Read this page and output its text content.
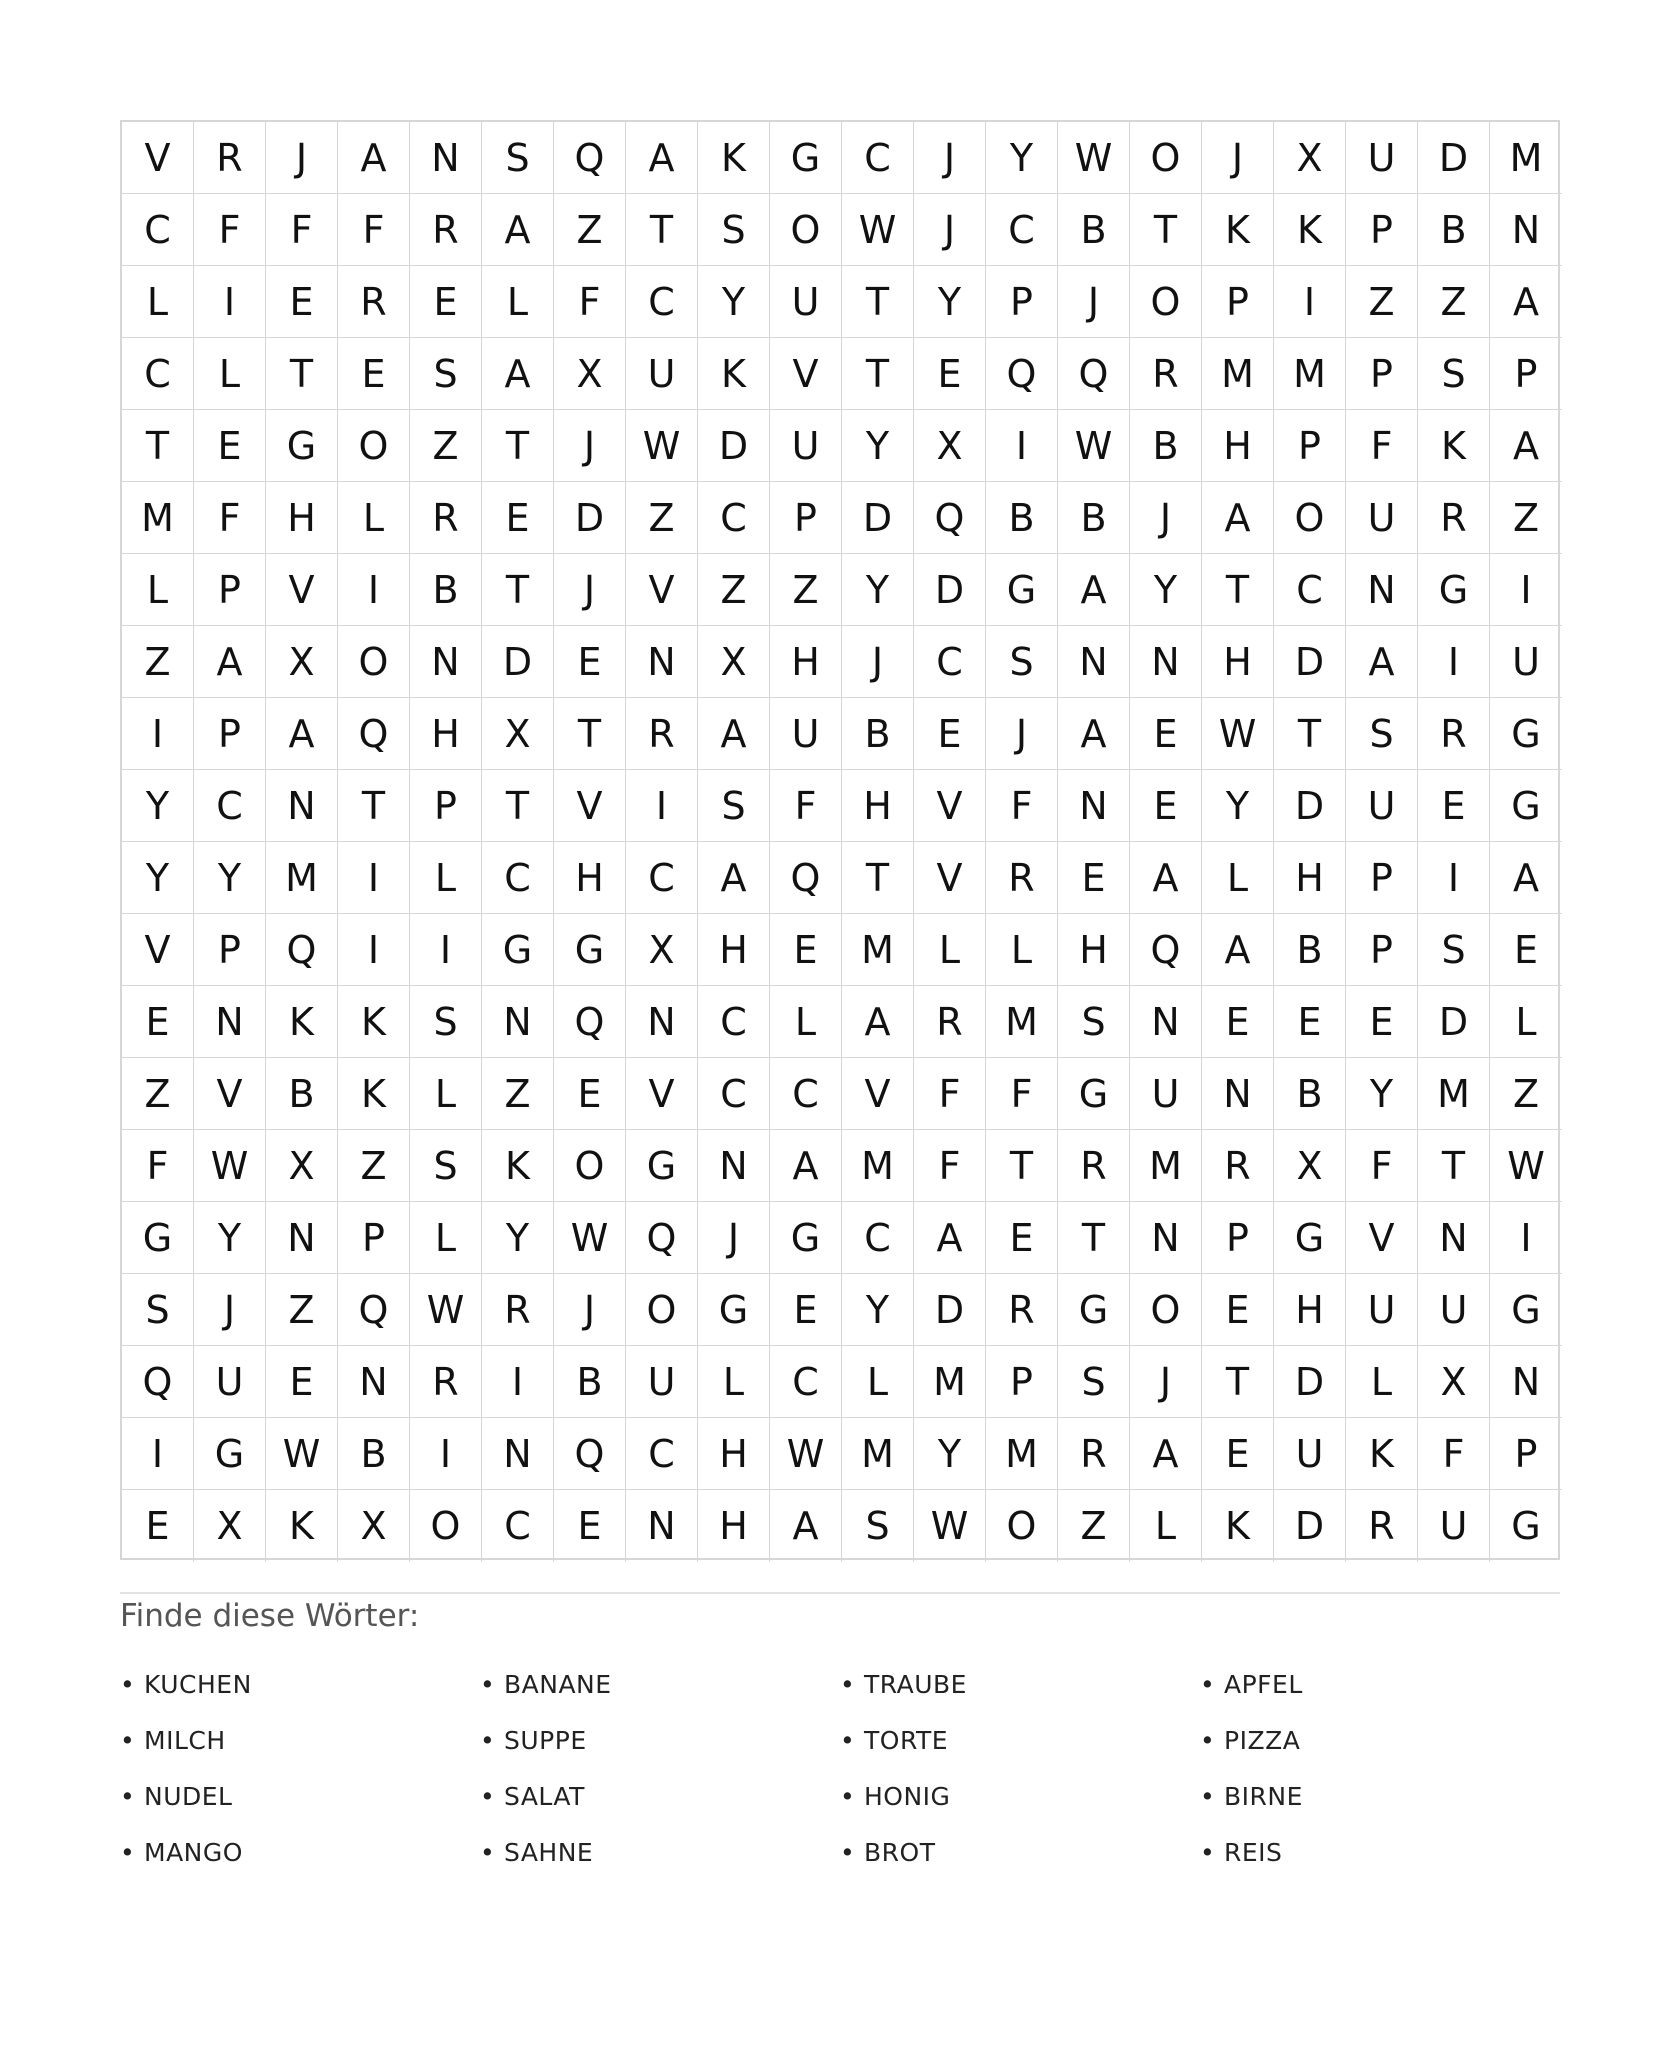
V	R	J	A	N	S	Q	A	K	G	C	J	Y	W	O	J	X	U	D	M
C	F	F	F	R	A	Z	T	S	O	W	J	C	B	T	K	K	P	B	N
L	I	E	R	E	L	F	C	Y	U	T	Y	P	J	O	P	I	Z	Z	A
C	L	T	E	S	A	X	U	K	V	T	E	Q	Q	R	M	M	P	S	P
T	E	G	O	Z	T	J	W	D	U	Y	X	I	W	B	H	P	F	K	A
M	F	H	L	R	E	D	Z	C	P	D	Q	B	B	J	A	O	U	R	Z
L	P	V	I	B	T	J	V	Z	Z	Y	D	G	A	Y	T	C	N	G	I
Z	A	X	O	N	D	E	N	X	H	J	C	S	N	N	H	D	A	I	U
I	P	A	Q	H	X	T	R	A	U	B	E	J	A	E	W	T	S	R	G
Y	C	N	T	P	T	V	I	S	F	H	V	F	N	E	Y	D	U	E	G
Y	Y	M	I	L	C	H	C	A	Q	T	V	R	E	A	L	H	P	I	A
V	P	Q	I	I	G	G	X	H	E	M	L	L	H	Q	A	B	P	S	E
E	N	K	K	S	N	Q	N	C	L	A	R	M	S	N	E	E	E	D	L
Z	V	B	K	L	Z	E	V	C	C	V	F	F	G	U	N	B	Y	M	Z
F	W	X	Z	S	K	O	G	N	A	M	F	T	R	M	R	X	F	T	W
G	Y	N	P	L	Y	W	Q	J	G	C	A	E	T	N	P	G	V	N	I
S	J	Z	Q	W	R	J	O	G	E	Y	D	R	G	O	E	H	U	U	G
Q	U	E	N	R	I	B	U	L	C	L	M	P	S	J	T	D	L	X	N
I	G	W	B	I	N	Q	C	H	W M	Y	M	R	A	E	U	K	F	P
E	X	K	X	O	C	E	N	H	A	S	W	O	Z	L	K	D	R	U	G
Finde diese Wörter:
• KUCHEN	• BANANE	• TRAUBE	• APFEL
• MILCH	• SUPPE	• TORTE	• PIZZA
• NUDEL	• SALAT	• HONIG	• BIRNE
• MANGO	• SAHNE	• BROT	• REIS
